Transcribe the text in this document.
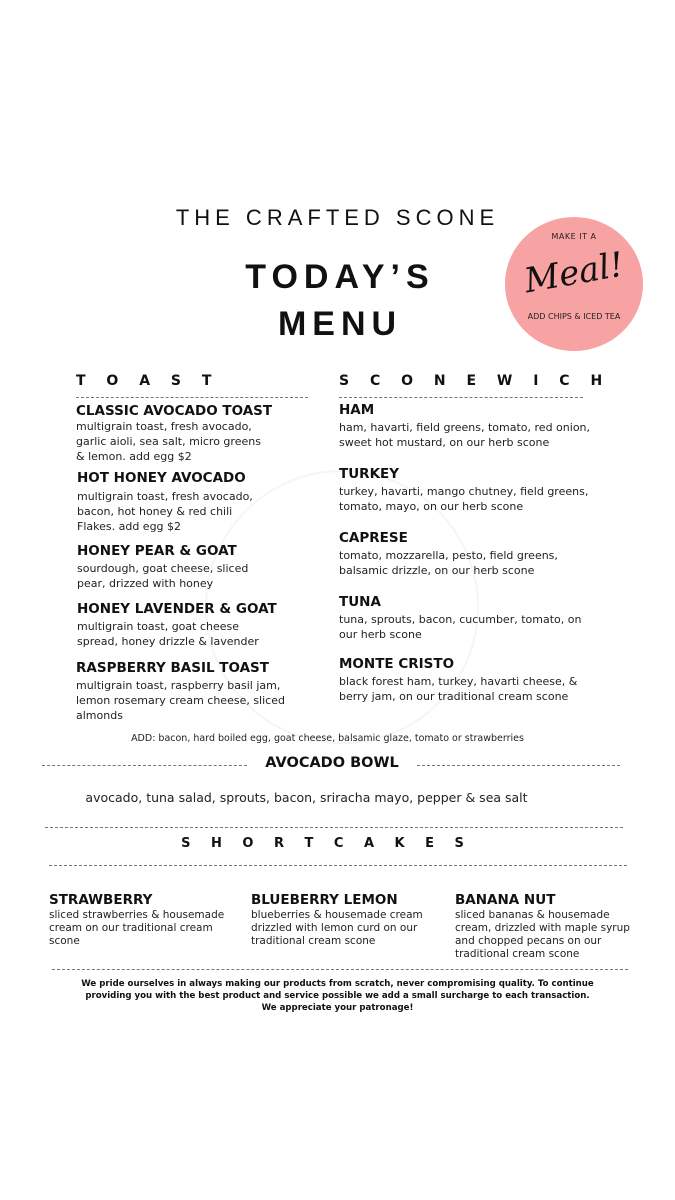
THE CRAFTED SCONE
TODAY’S
MENU
MAKE IT A
Meal!
ADD CHIPS & ICED TEA
T O A S T
CLASSIC AVOCADO TOAST
multigrain toast, fresh avocado,
garlic aioli, sea salt, micro greens
& lemon. add egg $2
HOT HONEY AVOCADO
multigrain toast, fresh avocado,
bacon, hot honey & red chili
Flakes. add egg $2
HONEY PEAR & GOAT
sourdough, goat cheese, sliced
pear, drizzed with honey
HONEY LAVENDER & GOAT
multigrain toast, goat cheese
spread, honey drizzle & lavender
RASPBERRY BASIL TOAST
multigrain toast, raspberry basil jam,
lemon rosemary cream cheese, sliced
almonds
S C O N E W I C H
HAM
ham, havarti, field greens, tomato, red onion,
sweet hot mustard, on our herb scone
TURKEY
turkey, havarti, mango chutney, field greens,
tomato, mayo, on our herb scone
CAPRESE
tomato, mozzarella, pesto, field greens,
balsamic drizzle, on our herb scone
TUNA
tuna, sprouts, bacon, cucumber, tomato, on
our herb scone
MONTE CRISTO
black forest ham, turkey, havarti cheese, &
berry jam, on our traditional cream scone
ADD: bacon, hard boiled egg, goat cheese, balsamic glaze, tomato or strawberries
AVOCADO BOWL
avocado, tuna salad, sprouts, bacon, sriracha mayo, pepper & sea salt
S H O R T C A K E S
STRAWBERRY
sliced strawberries & housemade
cream on our traditional cream
scone
BLUEBERRY LEMON
blueberries & housemade cream
drizzled with lemon curd on our
traditional cream scone
BANANA NUT
sliced bananas & housemade
cream, drizzled with maple syrup
and chopped pecans on our
traditional cream scone
We pride ourselves in always making our products from scratch, never compromising quality. To continue
providing you with the best product and service possible we add a small surcharge to each transaction.
We appreciate your patronage!
